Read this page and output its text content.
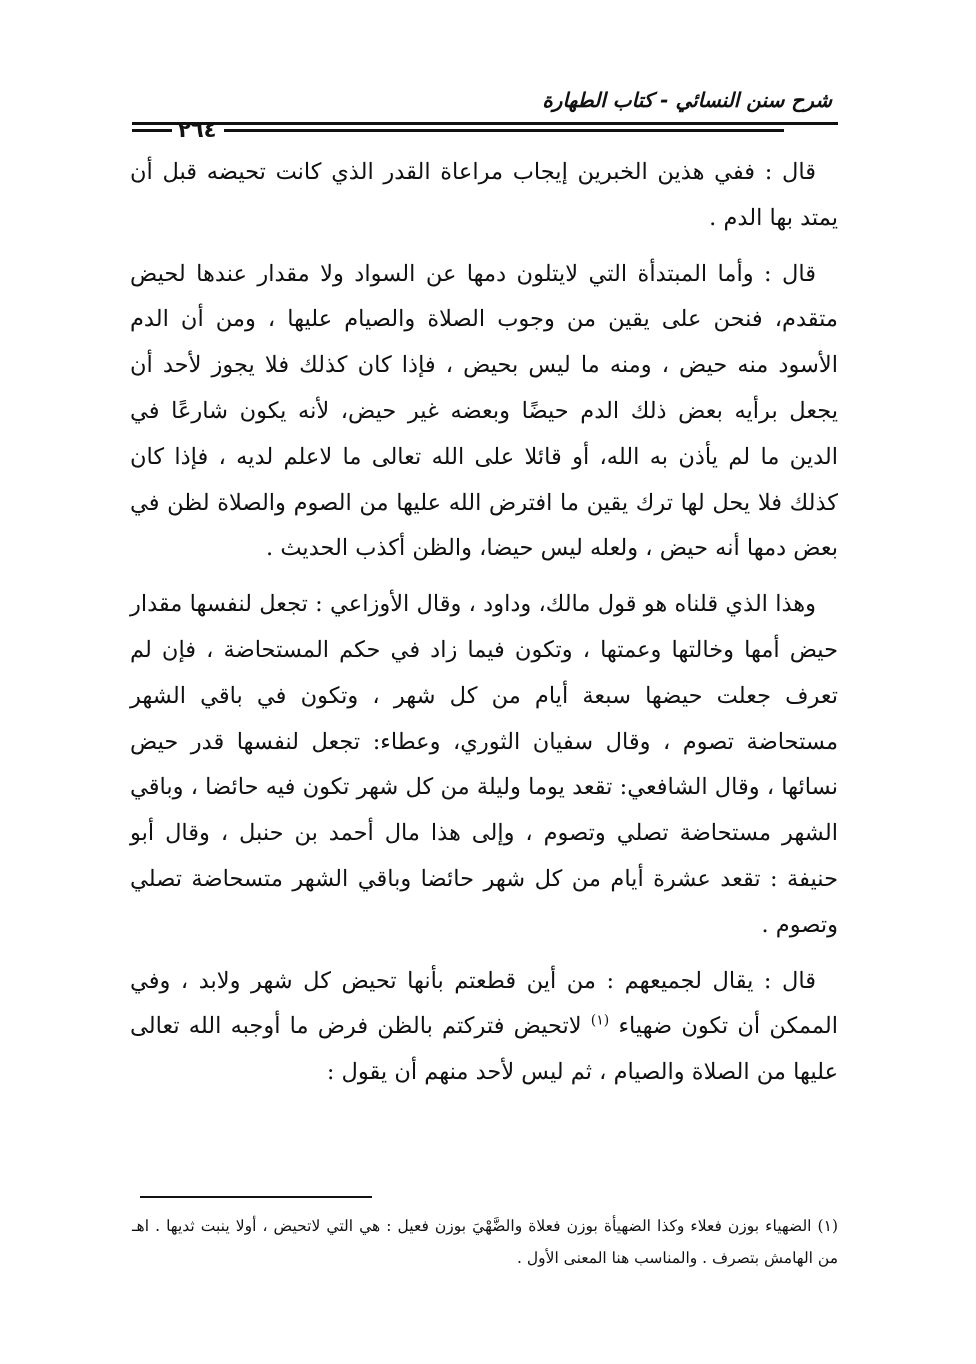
شرح سنن النسائي - كتاب الطهارة
٢٦٤

قال : ففي هذين الخبرين إيجاب مراعاة القدر الذي كانت تحيضه قبل أن يمتد بها الدم .

قال : وأما المبتدأة التي لايتلون دمها عن السواد ولا مقدار عندها لحيض متقدم، فنحن على يقين من وجوب الصلاة والصيام عليها ، ومن أن الدم الأسود منه حيض ، ومنه ما ليس بحيض ، فإذا كان كذلك فلا يجوز لأحد أن يجعل برأيه بعض ذلك الدم حيضًا وبعضه غير حيض، لأنه يكون شارعًا في الدين ما لم يأذن به الله، أو قائلا على الله تعالى ما لاعلم لديه ، فإذا كان كذلك فلا يحل لها ترك يقين ما افترض الله عليها من الصوم والصلاة لظن في بعض دمها أنه حيض ، ولعله ليس حيضا، والظن أكذب الحديث .

وهذا الذي قلناه هو قول مالك، وداود ، وقال الأوزاعي : تجعل لنفسها مقدار حيض أمها وخالتها وعمتها ، وتكون فيما زاد في حكم المستحاضة ، فإن لم تعرف جعلت حيضها سبعة أيام من كل شهر ، وتكون في باقي الشهر مستحاضة تصوم ، وقال سفيان الثوري، وعطاء: تجعل لنفسها قدر حيض نسائها ، وقال الشافعي: تقعد يوما وليلة من كل شهر تكون فيه حائضا ، وباقي الشهر مستحاضة تصلي وتصوم ، وإلى هذا مال أحمد بن حنبل ، وقال أبو حنيفة : تقعد عشرة أيام من كل شهر حائضا وباقي الشهر متسحاضة تصلي وتصوم .

قال : يقال لجميعهم : من أين قطعتم بأنها تحيض كل شهر ولابد ، وفي الممكن أن تكون ضهياء $^{(١)}$ لاتحيض فتركتم بالظن فرض ما أوجبه الله تعالى عليها من الصلاة والصيام ، ثم ليس لأحد منهم أن يقول :

(١) الضهياء بوزن فعلاء وكذا الضهيأة بوزن فعلاة والضَّهْيَ بوزن فعيل : هي التي لاتحيض ، أولا ينبت ثديها . اهـ من الهامش بتصرف . والمناسب هنا المعنى الأول .
